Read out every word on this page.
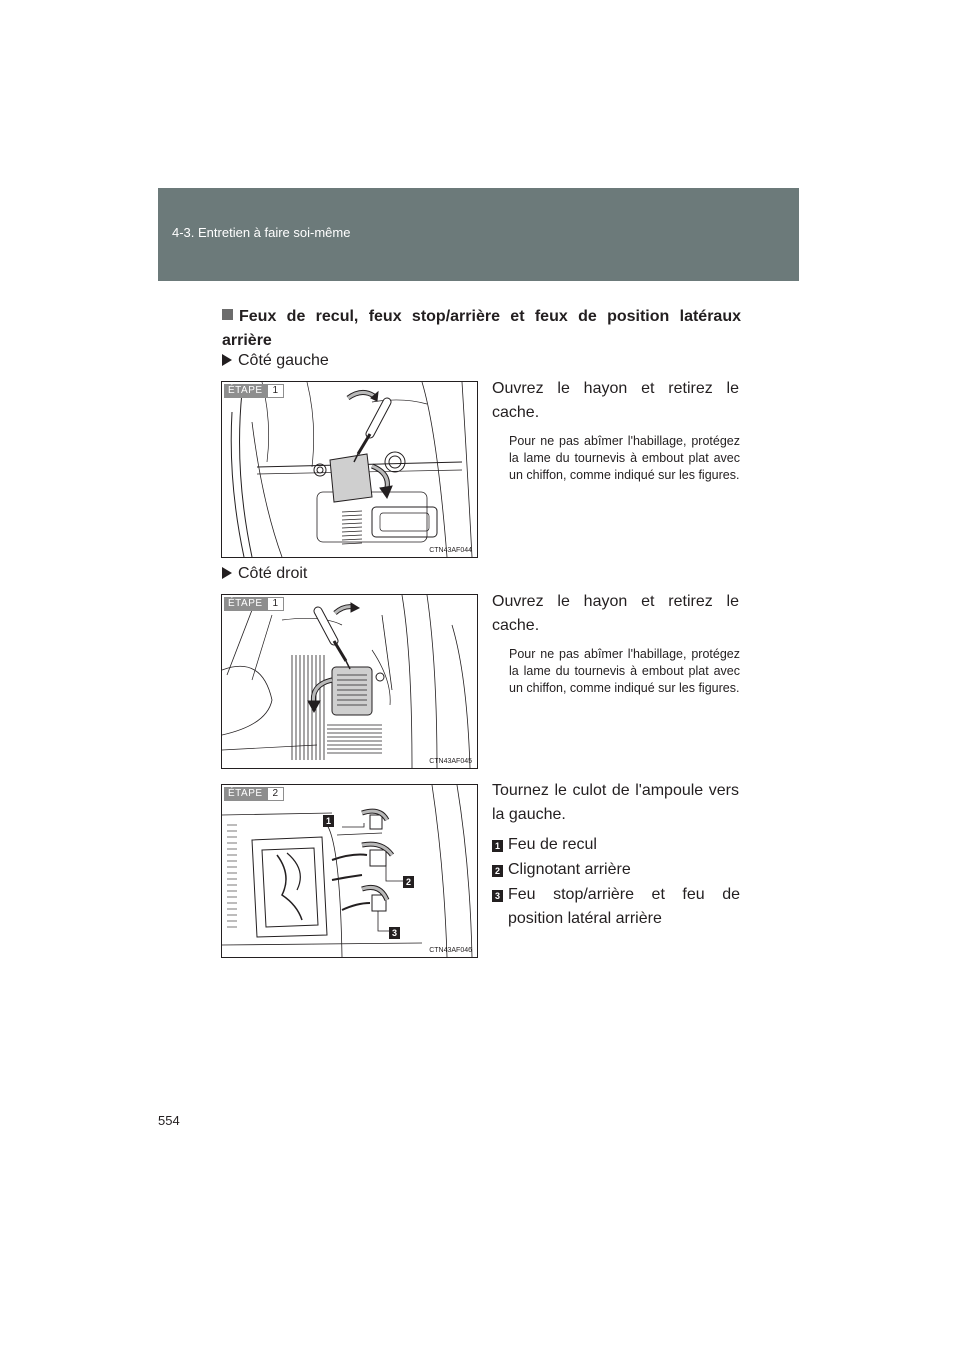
4-3. Entretien à faire soi-même
Feux de recul, feux stop/arrière et feux de position latéraux arrière
Côté gauche
ÉTAPE	1
CTN43AF044
Ouvrez le hayon et retirez le cache.
Pour ne pas abîmer l'habillage, protégez la lame du tournevis à embout plat avec un chiffon, comme indiqué sur les figures.
Côté droit
ÉTAPE	1
CTN43AF045
Ouvrez le hayon et retirez le cache.
Pour ne pas abîmer l'habillage, protégez la lame du tournevis à embout plat avec un chiffon, comme indiqué sur les figures.
ÉTAPE	2
1
2
3
CTN43AF046
Tournez le culot de l'ampoule vers la gauche.
1 Feu de recul
2 Clignotant arrière
3 Feu stop/arrière et feu de position latéral arrière
554
